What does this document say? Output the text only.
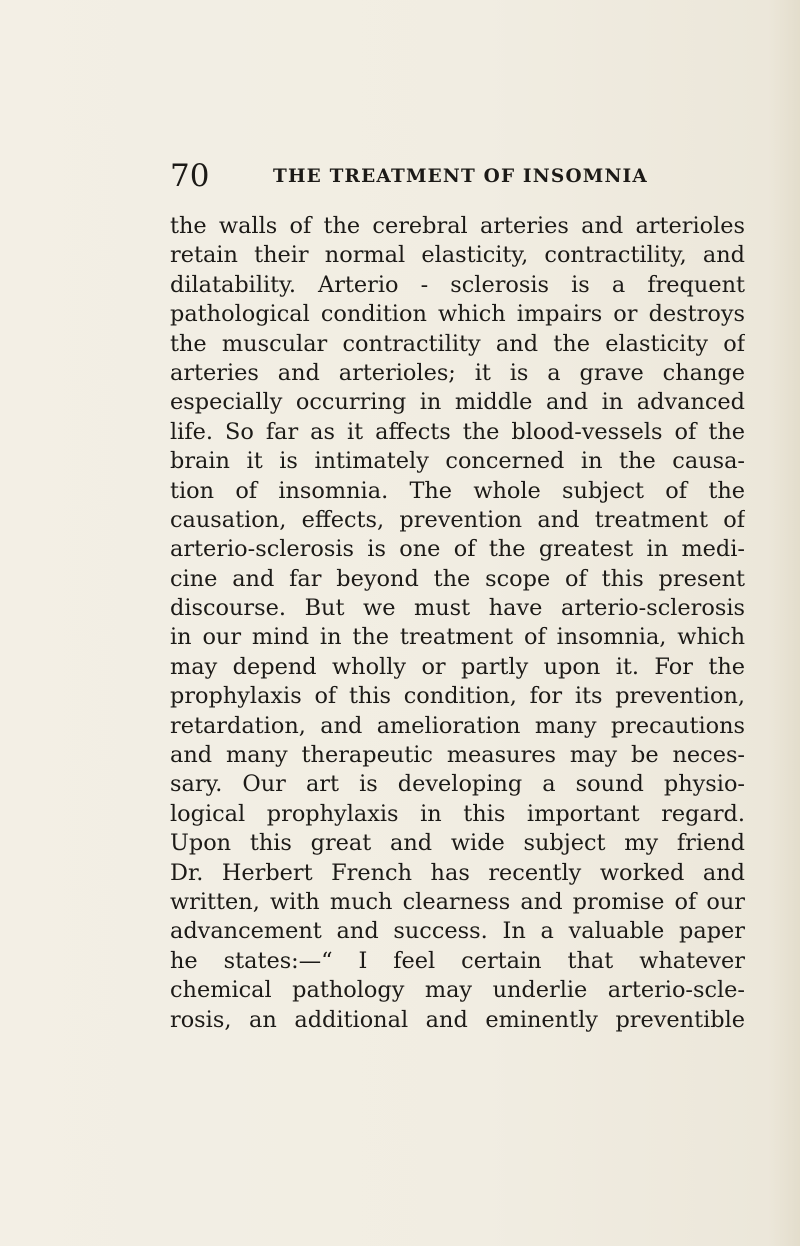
70	THE TREATMENT OF INSOMNIA
the walls of the cerebral arteries and arterioles
retain their normal elasticity, contractility, and
dilatability. Arterio - sclerosis is a frequent
pathological condition which impairs or destroys
the muscular contractility and the elasticity of
arteries and arterioles; it is a grave change
especially occurring in middle and in advanced
life. So far as it affects the blood-vessels of the
brain it is intimately concerned in the causa-
tion of insomnia. The whole subject of the
causation, effects, prevention and treatment of
arterio-sclerosis is one of the greatest in medi-
cine and far beyond the scope of this present
discourse. But we must have arterio-sclerosis
in our mind in the treatment of insomnia, which
may depend wholly or partly upon it. For the
prophylaxis of this condition, for its prevention,
retardation, and amelioration many precautions
and many therapeutic measures may be neces-
sary. Our art is developing a sound physio-
logical prophylaxis in this important regard.
Upon this great and wide subject my friend
Dr. Herbert French has recently worked and
written, with much clearness and promise of our
advancement and success. In a valuable paper
he states:—“ I feel certain that whatever
chemical pathology may underlie arterio-scle-
rosis, an additional and eminently preventible
